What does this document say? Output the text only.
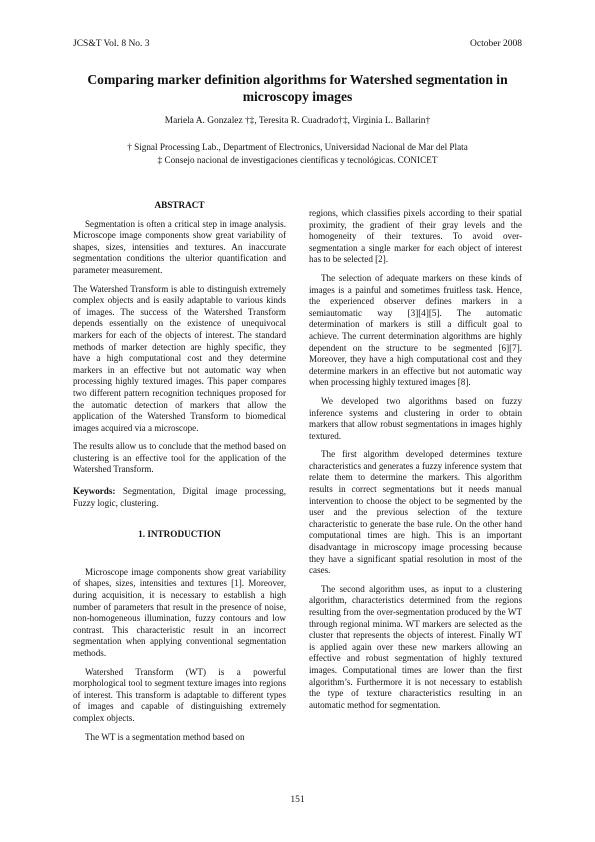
JCS&T Vol. 8 No. 3	October 2008
Comparing marker definition algorithms for Watershed segmentation in microscopy images
Mariela A. Gonzalez †‡, Teresita R. Cuadrado†‡, Virginia L. Ballarin†
† Signal Processing Lab., Department of Electronics, Universidad Nacional de Mar del Plata
‡ Consejo nacional de investigaciones científicas y tecnológicas. CONICET
ABSTRACT

Segmentation is often a critical step in image analysis. Microscope image components show great variability of shapes, sizes, intensities and textures. An inaccurate segmentation conditions the ulterior quantification and parameter measurement.

The Watershed Transform is able to distinguish extremely complex objects and is easily adaptable to various kinds of images. The success of the Watershed Transform depends essentially on the existence of unequivocal markers for each of the objects of interest. The standard methods of marker detection are highly specific, they have a high computational cost and they determine markers in an effective but not automatic way when processing highly textured images. This paper compares two different pattern recognition techniques proposed for the automatic detection of markers that allow the application of the Watershed Transform to biomedical images acquired via a microscope.

The results allow us to conclude that the method based on clustering is an effective tool for the application of the Watershed Transform.

Keywords: Segmentation, Digital image processing, Fuzzy logic, clustering.
1. INTRODUCTION

Microscope image components show great variability of shapes, sizes, intensities and textures [1]. Moreover, during acquisition, it is necessary to establish a high number of parameters that result in the presence of noise, non-homogeneous illumination, fuzzy contours and low contrast. This characteristic result in an incorrect segmentation when applying conventional segmentation methods.

Watershed Transform (WT) is a powerful morphological tool to segment texture images into regions of interest. This transform is adaptable to different types of images and capable of distinguishing extremely complex objects.

The WT is a segmentation method based on

regions, which classifies pixels according to their spatial proximity, the gradient of their gray levels and the homogeneity of their textures. To avoid over-segmentation a single marker for each object of interest has to be selected [2].

The selection of adequate markers on these kinds of images is a painful and sometimes fruitless task. Hence, the experienced observer defines markers in a semiautomatic way [3][4][5]. The automatic determination of markers is still a difficult goal to achieve. The current determination algorithms are highly dependent on the structure to be segmented [6][7]. Moreover, they have a high computational cost and they determine markers in an effective but not automatic way when processing highly textured images [8].

We developed two algorithms based on fuzzy inference systems and clustering in order to obtain markers that allow robust segmentations in images highly textured.

The first algorithm developed determines texture characteristics and generates a fuzzy inference system that relate them to determine the markers. This algorithm results in correct segmentations but it needs manual intervention to choose the object to be segmented by the user and the previous selection of the texture characteristic to generate the base rule. On the other hand computational times are high. This is an important disadvantage in microscopy image processing because they have a significant spatial resolution in most of the cases.

The second algorithm uses, as input to a clustering algorithm, characteristics determined from the regions resulting from the over-segmentation produced by the WT through regional minima. WT markers are selected as the cluster that represents the objects of interest. Finally WT is applied again over these new markers allowing an effective and robust segmentation of highly textured images. Computational times are lower than the first algorithm’s. Furthermore it is not necessary to establish the type of texture characteristics resulting in an automatic method for segmentation.

151
